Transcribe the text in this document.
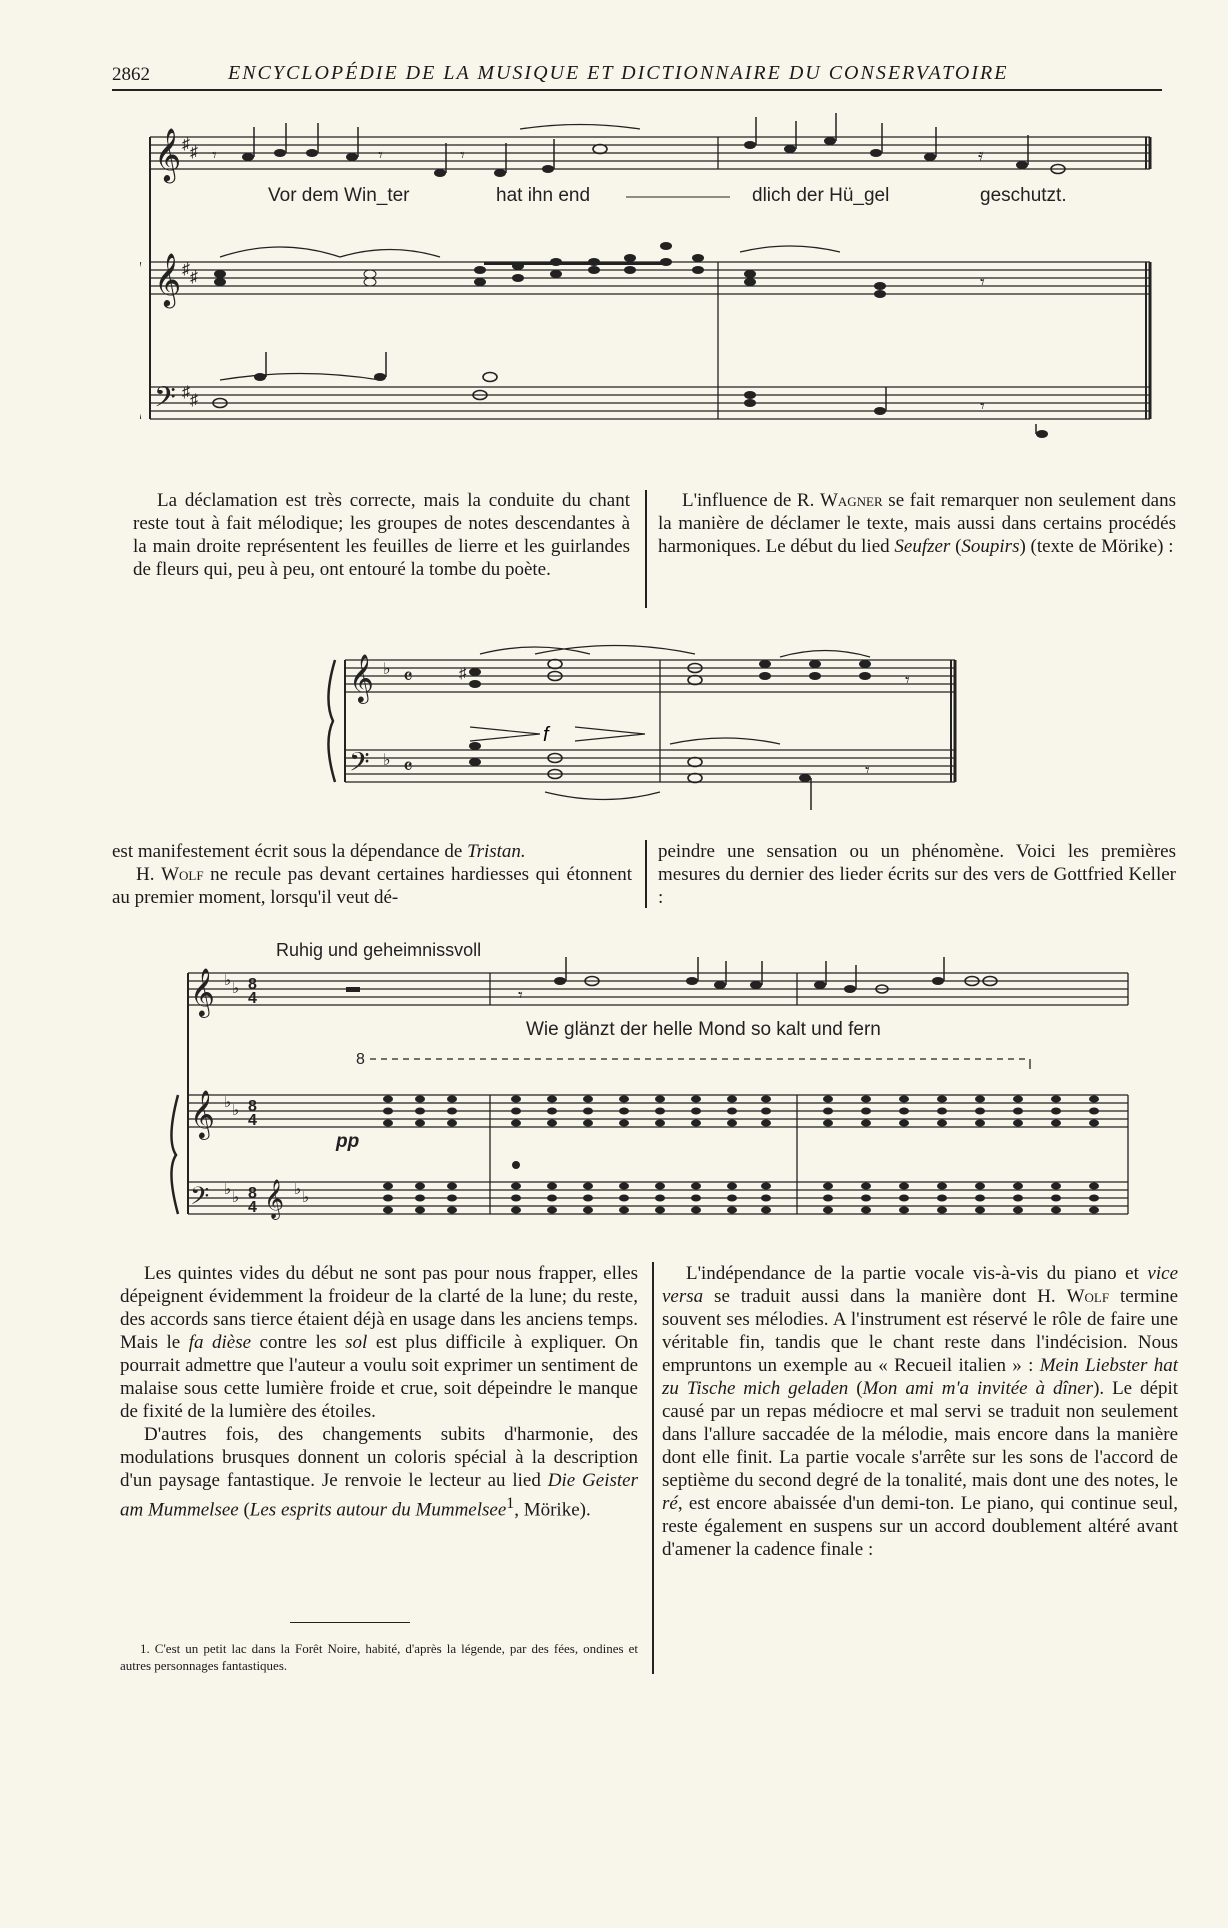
2862	ENCYCLOPÉDIE DE LA MUSIQUE ET DICTIONNAIRE DU CONSERVATOIRE
𝄞
𝄞
𝄢
♯ ♯
♯ ♯
♯ ♯
𝄾	𝄾	𝄾	𝄿
𝄾
𝄾
Vor dem Win_ter	hat ihn end	dlich der Hü_gel	geschutzt.

La déclamation est très correcte, mais la conduite du chant reste tout à fait mélodique; les groupes de notes descendantes à la main droite représentent les feuilles de lierre et les guirlandes de fleurs qui, peu à peu, ont entouré la tombe du poète.

L'influence de R. Wagner se fait remarquer non seulement dans la manière de déclamer le texte, mais aussi dans certains procédés harmoniques. Le début du lied Seufzer (Soupirs) (texte de Mörike) :

𝄞
𝄢
♭
♭
𝄴
𝄴
♯	𝄾
𝄾
f

est manifestement écrit sous la dépendance de Tristan.

H. Wolf ne recule pas devant certaines hardiesses qui étonnent au premier moment, lorsqu'il veut dé-

peindre une sensation ou un phénomène. Voici les premières mesures du dernier des lieder écrits sur des vers de Gottfried Keller :

𝄞
𝄞
𝄢
♭ ♭
♭ ♭
♭ ♭
8
4
8
4
8
4 𝄞 ♭ ♭
𝄾
Ruhig und geheimnissvoll
Wie glänzt der helle Mond so kalt und fern
8
pp

Les quintes vides du début ne sont pas pour nous frapper, elles dépeignent évidemment la froideur de la clarté de la lune; du reste, des accords sans tierce étaient déjà en usage dans les anciens temps. Mais le fa dièse contre les sol est plus difficile à expliquer. On pourrait admettre que l'auteur a voulu soit exprimer un sentiment de malaise sous cette lumière froide et crue, soit dépeindre le manque de fixité de la lumière des étoiles.

D'autres fois, des changements subits d'harmonie, des modulations brusques donnent un coloris spécial à la description d'un paysage fantastique. Je renvoie le lecteur au lied Die Geister am Mummelsee (Les esprits autour du Mummelsee$^1$, Mörike).

1. C'est un petit lac dans la Forêt Noire, habité, d'après la légende, par des fées, ondines et autres personnages fantastiques.

L'indépendance de la partie vocale vis-à-vis du piano et vice versa se traduit aussi dans la manière dont H. Wolf termine souvent ses mélodies. A l'instrument est réservé le rôle de faire une véritable fin, tandis que le chant reste dans l'indécision. Nous empruntons un exemple au « Recueil italien » : Mein Liebster hat zu Tische mich geladen (Mon ami m'a invitée à dîner). Le dépit causé par un repas médiocre et mal servi se traduit non seulement dans l'allure saccadée de la mélodie, mais encore dans la manière dont elle finit. La partie vocale s'arrête sur les sons de l'accord de septième du second degré de la tonalité, mais dont une des notes, le ré, est encore abaissée d'un demi-ton. Le piano, qui continue seul, reste également en suspens sur un accord doublement altéré avant d'amener la cadence finale :
